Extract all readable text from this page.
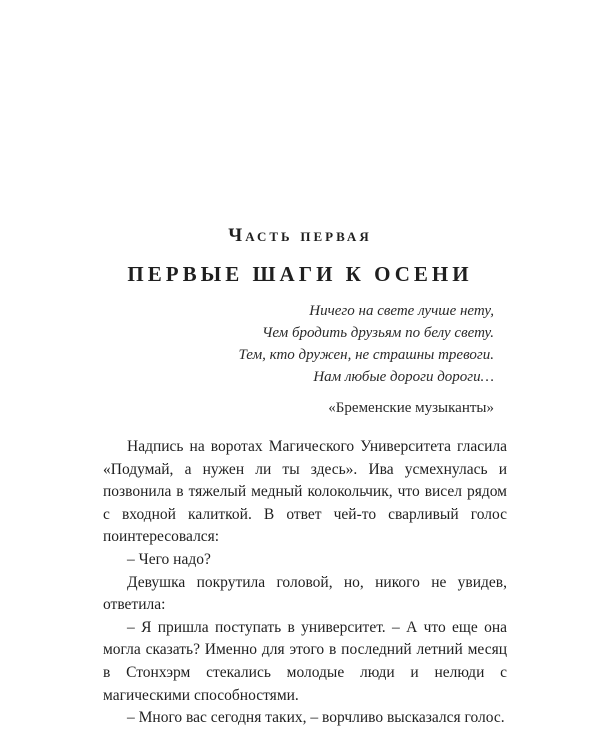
Часть первая
ПЕРВЫЕ ШАГИ К ОСЕНИ
Ничего на свете лучше нету,
Чем бродить друзьям по белу свету.
Тем, кто дружен, не страшны тревоги.
Нам любые дороги дороги…
«Бременские музыканты»

Надпись на воротах Магического Университета гласила «Подумай, а нужен ли ты здесь». Ива усмехнулась и позвонила в тяжелый медный колокольчик, что висел рядом с входной калиткой. В ответ чей-то сварливый голос поинтересовался:

– Чего надо?

Девушка покрутила головой, но, никого не увидев, ответила:

– Я пришла поступать в университет. – А что еще она могла сказать? Именно для этого в последний летний месяц в Стонхэрм стекались молодые люди и нелюди с магическими способностями.

– Много вас сегодня таких, – ворчливо высказался голос.
